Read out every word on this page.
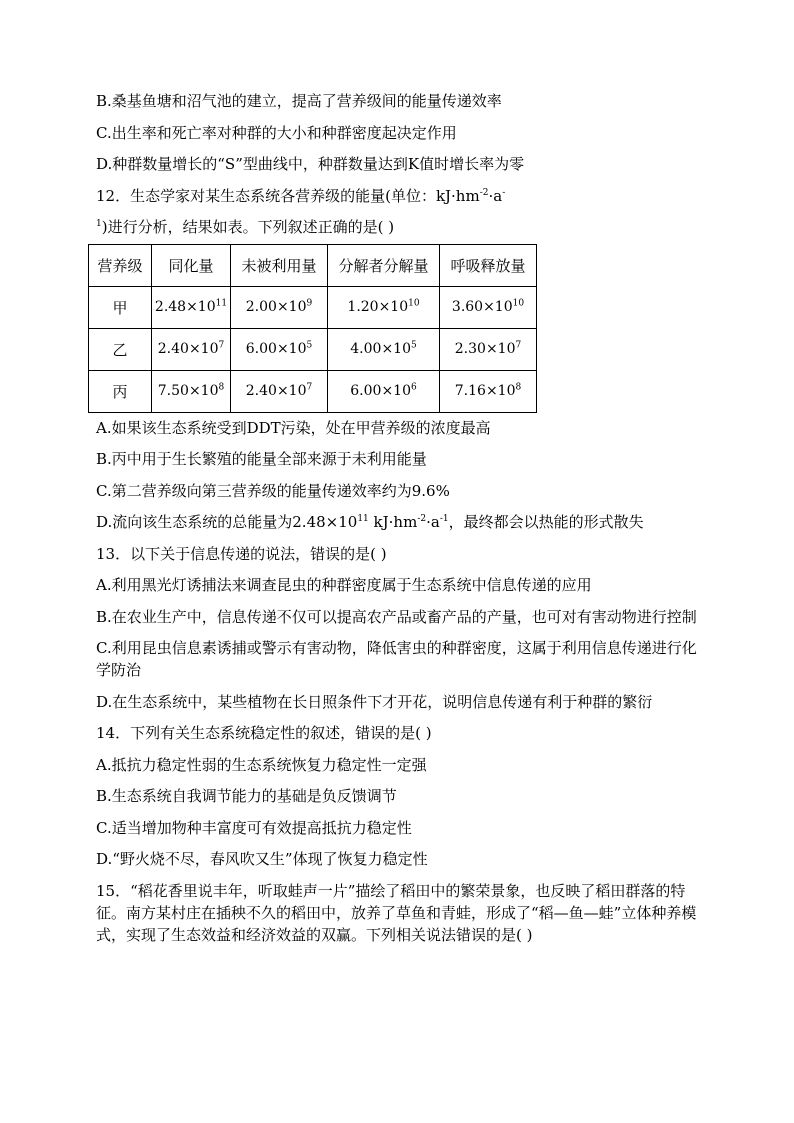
B.桑基鱼塘和沼气池的建立，提高了营养级间的能量传递效率
C.出生率和死亡率对种群的大小和种群密度起决定作用
D.种群数量增长的“S”型曲线中，种群数量达到K值时增长率为零
12．生态学家对某生态系统各营养级的能量(单位：$kJ\cdot hm^{-2}\cdot a^-$
$^1$)进行分析，结果如表。下列叙述正确的是( )
营养级	同化量	未被利用量	分解者分解量	呼吸释放量
甲	$2.48\times 10^{11}$	$2.00\times 10^9$	$1.20\times 10^{10}$	$3.60\times 10^{10}$
乙	$2.40\times 10^7$	$6.00\times 10^5$	$4.00\times 10^5$	$2.30\times 10^7$
丙	$7.50\times 10^8$	$2.40\times 10^7$	$6.00\times 10^6$	$7.16\times 10^8$
A.如果该生态系统受到DDT污染，处在甲营养级的浓度最高
B.丙中用于生长繁殖的能量全部来源于未利用能量
C.第二营养级向第三营养级的能量传递效率约为9.6%
D.流向该生态系统的总能量为$2.48\times 10^{11}$ $kJ\cdot hm^{-2}\cdot a^{-1}$，最终都会以热能的形式散失
13．以下关于信息传递的说法，错误的是( )
A.利用黑光灯诱捕法来调查昆虫的种群密度属于生态系统中信息传递的应用
B.在农业生产中，信息传递不仅可以提高农产品或畜产品的产量，也可对有害动物进行控制
C.利用昆虫信息素诱捕或警示有害动物，降低害虫的种群密度，这属于利用信息传递进行化学防治
D.在生态系统中，某些植物在长日照条件下才开花，说明信息传递有利于种群的繁衍
14．下列有关生态系统稳定性的叙述，错误的是( )
A.抵抗力稳定性弱的生态系统恢复力稳定性一定强
B.生态系统自我调节能力的基础是负反馈调节
C.适当增加物种丰富度可有效提高抵抗力稳定性
D.“野火烧不尽，春风吹又生”体现了恢复力稳定性
15．“稻花香里说丰年，听取蛙声一片”描绘了稻田中的繁荣景象，也反映了稻田群落的特征。南方某村庄在插秧不久的稻田中，放养了草鱼和青蛙，形成了“稻—鱼—蛙”立体种养模式，实现了生态效益和经济效益的双赢。下列相关说法错误的是( )
